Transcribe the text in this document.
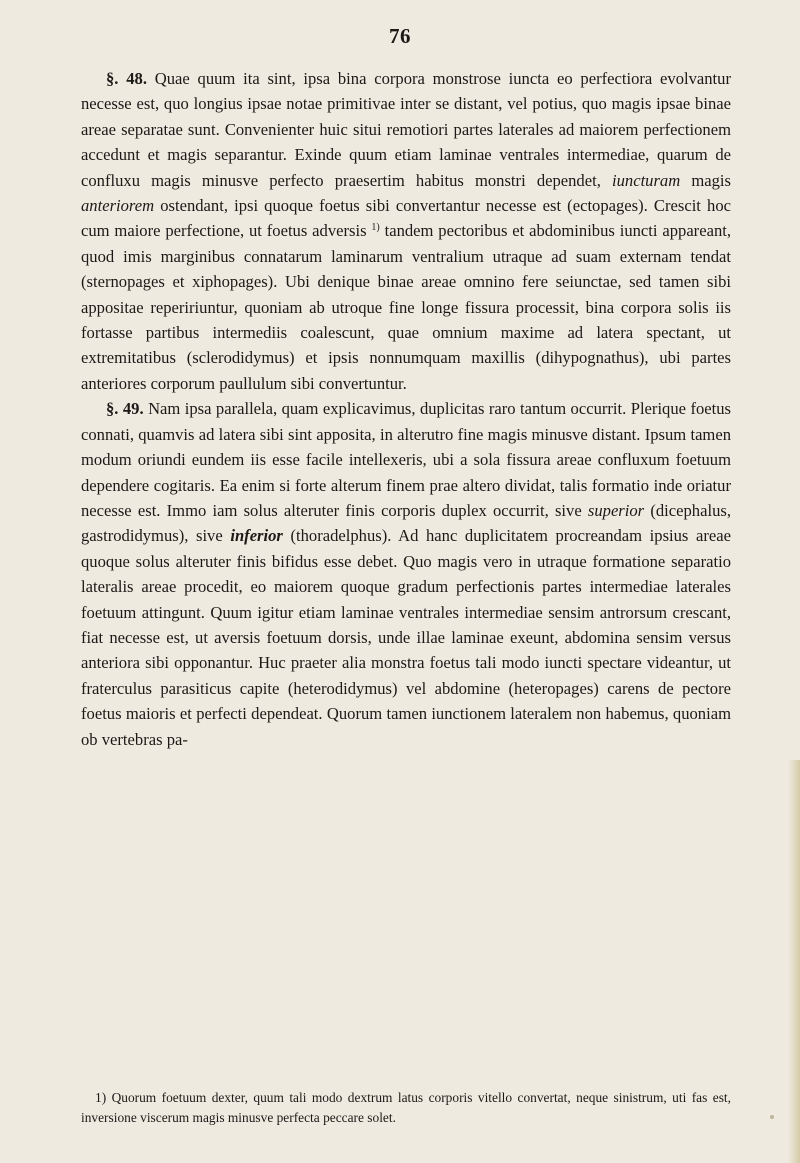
76

§. 48. Quae quum ita sint, ipsa bina corpora monstrose iuncta eo perfectiora evolvantur necesse est, quo longius ipsae notae primitivae inter se distant, vel potius, quo magis ipsae binae areae separatae sunt. Convenienter huic situi remotiori partes laterales ad maiorem perfectionem accedunt et magis separantur. Exinde quum etiam laminae ventrales intermediae, quarum de confluxu magis minusve perfecto praesertim habitus monstri dependet, iuncturam magis anteriorem ostendant, ipsi quoque foetus sibi convertantur necesse est (ectopages). Crescit hoc cum maiore perfectione, ut foetus adversis $^{1)}$ tandem pectoribus et abdominibus iuncti appareant, quod imis marginibus connatarum laminarum ventralium utraque ad suam externam tendat (sternopages et xiphopages). Ubi denique binae areae omnino fere seiunctae, sed tamen sibi appositae repeririuntur, quoniam ab utroque fine longe fissura processit, bina corpora solis iis fortasse partibus intermediis coalescunt, quae omnium maxime ad latera spectant, ut extremitatibus (sclerodidymus) et ipsis nonnumquam maxillis (dihypognathus), ubi partes anteriores corporum paullulum sibi convertuntur.

§. 49. Nam ipsa parallela, quam explicavimus, duplicitas raro tantum occurrit. Plerique foetus connati, quamvis ad latera sibi sint apposita, in alterutro fine magis minusve distant. Ipsum tamen modum oriundi eundem iis esse facile intellexeris, ubi a sola fissura areae confluxum foetuum dependere cogitaris. Ea enim si forte alterum finem prae altero dividat, talis formatio inde oriatur necesse est. Immo iam solus alteruter finis corporis duplex occurrit, sive superior (dicephalus, gastrodidymus), sive inferior (thoradelphus). Ad hanc duplicitatem procreandam ipsius areae quoque solus alteruter finis bifidus esse debet. Quo magis vero in utraque formatione separatio lateralis areae procedit, eo maiorem quoque gradum perfectionis partes intermediae laterales foetuum attingunt. Quum igitur etiam laminae ventrales intermediae sensim antrorsum crescant, fiat necesse est, ut aversis foetuum dorsis, unde illae laminae exeunt, abdomina sensim versus anteriora sibi opponantur. Huc praeter alia monstra foetus tali modo iuncti spectare videantur, ut fraterculus parasiticus capite (heterodidymus) vel abdomine (heteropages) carens de pectore foetus maioris et perfecti dependeat. Quorum tamen iunctionem lateralem non habemus, quoniam ob vertebras pa-

1) Quorum foetuum dexter, quum tali modo dextrum latus corporis vitello convertat, neque sinistrum, uti fas est, inversione viscerum magis minusve perfecta peccare solet.
